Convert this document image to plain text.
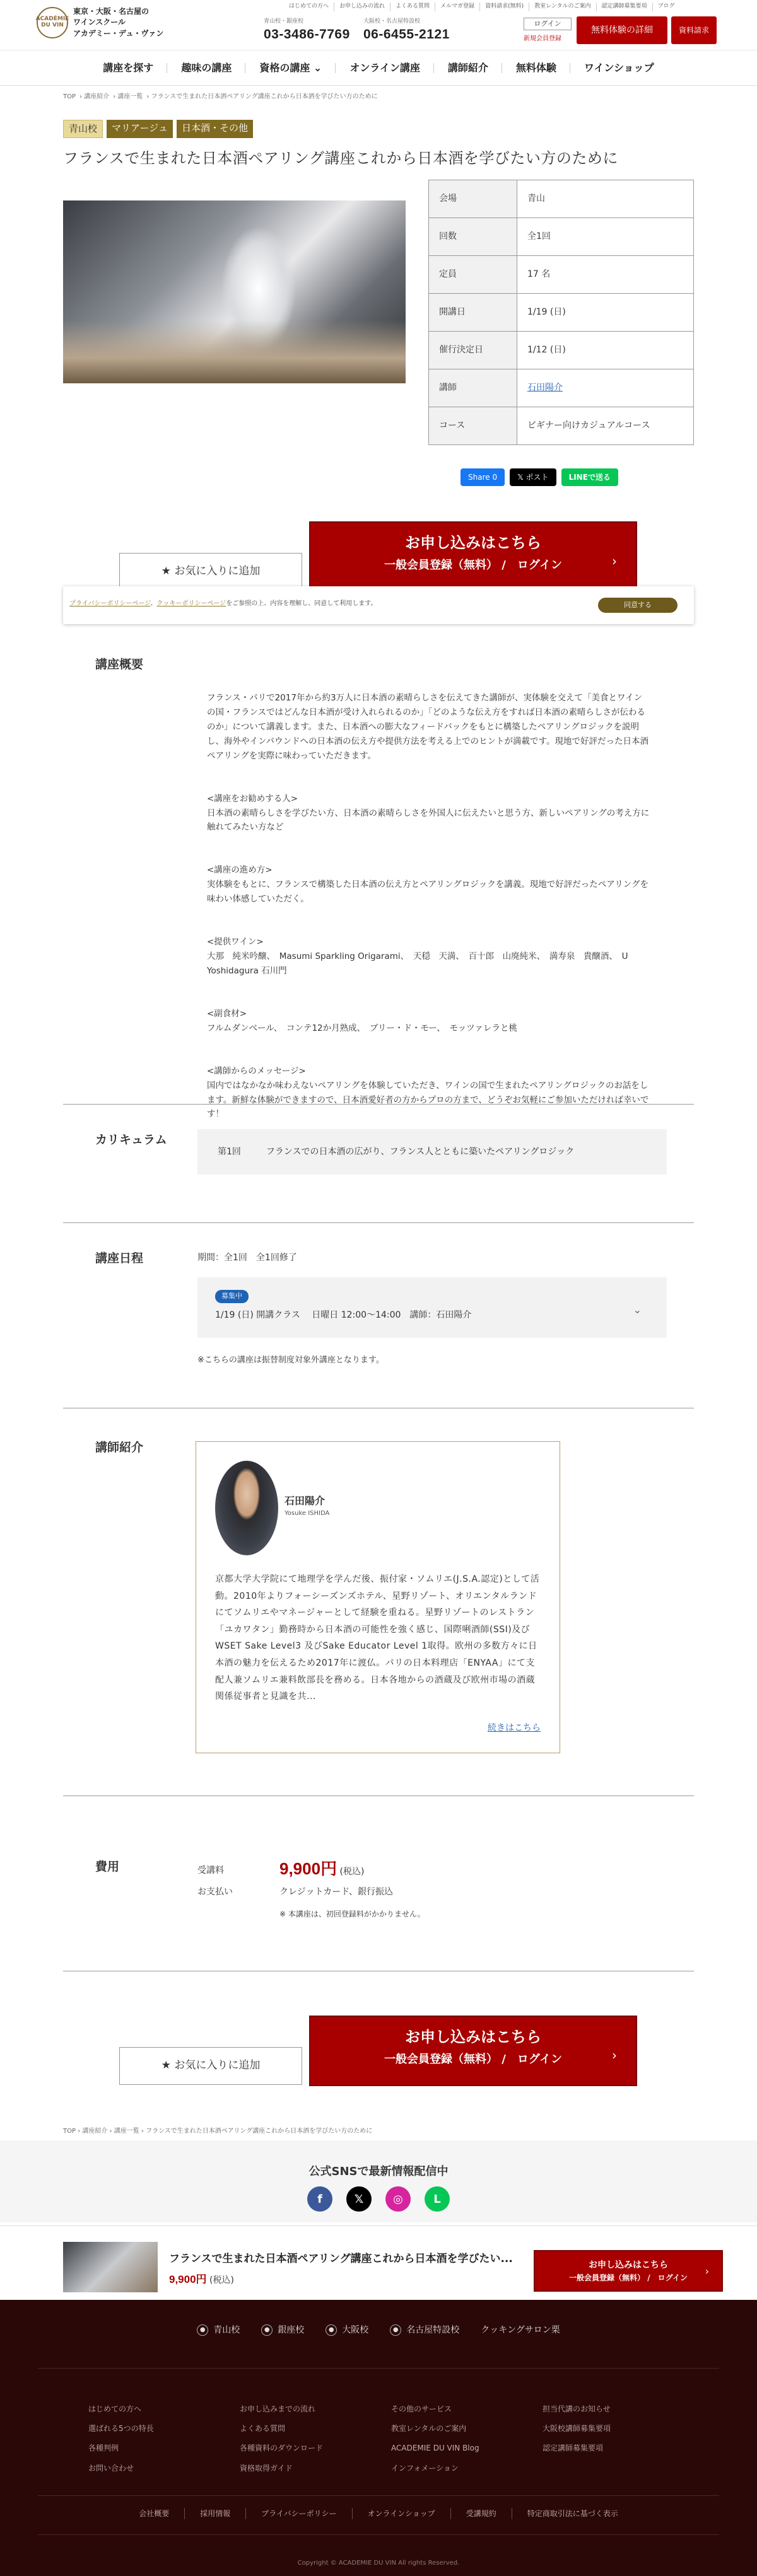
ACADÉMIE DU VIN
東京・大阪・名古屋の
ワインスクール
アカデミー・デュ・ヴァン
はじめての方へ	お申し込みの流れ	よくある質問	メルマガ登録	資料請求(無料)	教室レンタルのご案内	認定講師募集要項	ブログ
青山校・銀座校
03-3486-7769
大阪校・名古屋特設校
06-6455-2121
ログイン
新規会員登録
無料体験の詳細	資料請求
講座を探す	趣味の講座	資格の講座 ⌄	オンライン講座	講師紹介	無料体験	ワインショップ
TOP › 講座紹介 › 講座一覧 › フランスで生まれた日本酒ペアリング講座これから日本酒を学びたい方のために
青山校	マリアージュ	日本酒・その他
フランスで生まれた日本酒ペアリング講座これから日本酒を学びたい方のために
会場	青山
回数	全1回
定員	17 名
開講日	1/19 (日)
催行決定日	1/12 (日)
講師	石田陽介
コース	ビギナー向けカジュアルコース
Share 0	𝕏 ポスト	LINEで送る
★ お気に入りに追加
お申し込みはこちら
一般会員登録（無料） /　ログイン	›
プライバシーポリシーページ、クッキーポリシーページをご参照の上、内容を理解し、同意して利用します。	同意する
講座概要

フランス・パリで2017年から約3万人に日本酒の素晴らしさを伝えてきた講師が、実体験を交えて「美食とワインの国・フランスではどんな日本酒が受け入れられるのか」「どのような伝え方をすれば日本酒の素晴らしさが伝わるのか」について講義します。また、日本酒への膨大なフィードバックをもとに構築したペアリングロジックを説明し、海外やインバウンドへの日本酒の伝え方や提供方法を考える上でのヒントが満載です。現地で好評だった日本酒ペアリングを実際に味わっていただきます。

<講座をお勧めする人>
日本酒の素晴らしさを学びたい方、日本酒の素晴らしさを外国人に伝えたいと思う方、新しいペアリングの考え方に触れてみたい方など

<講座の進め方>
実体験をもとに、フランスで構築した日本酒の伝え方とペアリングロジックを講義。現地で好評だったペアリングを味わい体感していただく。

<提供ワイン>
大那　純米吟醸、　Masumi Sparkling Origarami、　天穏　天満、　百十郎　山廃純米、　満寿泉　貴醸酒、　U　Yoshidagura 石川門

<副食材>
フルムダンベール、　コンテ12か月熟成、　ブリー・ド・モー、　モッツァレラと桃

<講師からのメッセージ>
国内ではなかなか味わえないペアリングを体験していただき、ワインの国で生まれたペアリングロジックのお話をします。新鮮な体験ができますので、日本酒愛好者の方からプロの方まで、どうぞお気軽にご参加いただければ幸いです！

カリキュラム
第1回	フランスでの日本酒の広がり、フランス人とともに築いたペアリングロジック
講座日程	期間：全1回　全1回修了
募集中
1/19 (日) 開講クラス　 日曜日 12:00～14:00　講師：石田陽介	⌄
※こちらの講座は振替制度対象外講座となります。
講師紹介
石田陽介
Yosuke ISHIDA
京都大学大学院にて地理学を学んだ後、振付家・ソムリエ(J.S.A.認定)として活動。2010年よりフォーシーズンズホテル、星野リゾート、オリエンタルランドにてソムリエやマネージャーとして経験を重ねる。星野リゾートのレストラン「ユカワタン」勤務時から日本酒の可能性を強く感じ、国際唎酒師(SSI)及びWSET Sake Level3 及びSake Educator Level 1取得。欧州の多数方々に日本酒の魅力を伝えるため2017年に渡仏。パリの日本料理店「ENYAA」にて支配人兼ソムリエ兼料飲部長を務める。日本各地からの酒蔵及び欧州市場の酒蔵関係従事者と見識を共...
続きはこちら
費用	受講料	9,900円 (税込)
お支払い	クレジットカード、銀行振込
※ 本講座は、初回登録料がかかりません。
★ お気に入りに追加
お申し込みはこちら
一般会員登録（無料） /　ログイン	›
TOP › 講座紹介 › 講座一覧 › フランスで生まれた日本酒ペアリング講座これから日本酒を学びたい方のために
公式SNSで最新情報配信中
f	𝕏	◎	L
フランスで生まれた日本酒ペアリング講座これから日本酒を学びたい...
9,900円 (税込)
お申し込みはこちら
一般会員登録（無料） /　ログイン
›
● 青山校	● 銀座校	● 大阪校	● 名古屋特設校 クッキングサロン栗
はじめての方へ
選ばれる5つの特長
各種判例
お問い合わせ
お申し込みまでの流れ
よくある質問
各種資料のダウンロード
資格取得ガイド
その他のサービス
教室レンタルのご案内
ACADEMIE DU VIN Blog
インフォメーション
担当代講のお知らせ
大阪校講師募集要項
認定講師募集要項
会社概要	採用情報	プライバシーポリシー	オンラインショップ	受講規約	特定商取引法に基づく表示
Copyright © ACADEMIE DU VIN All rights Reserved.
